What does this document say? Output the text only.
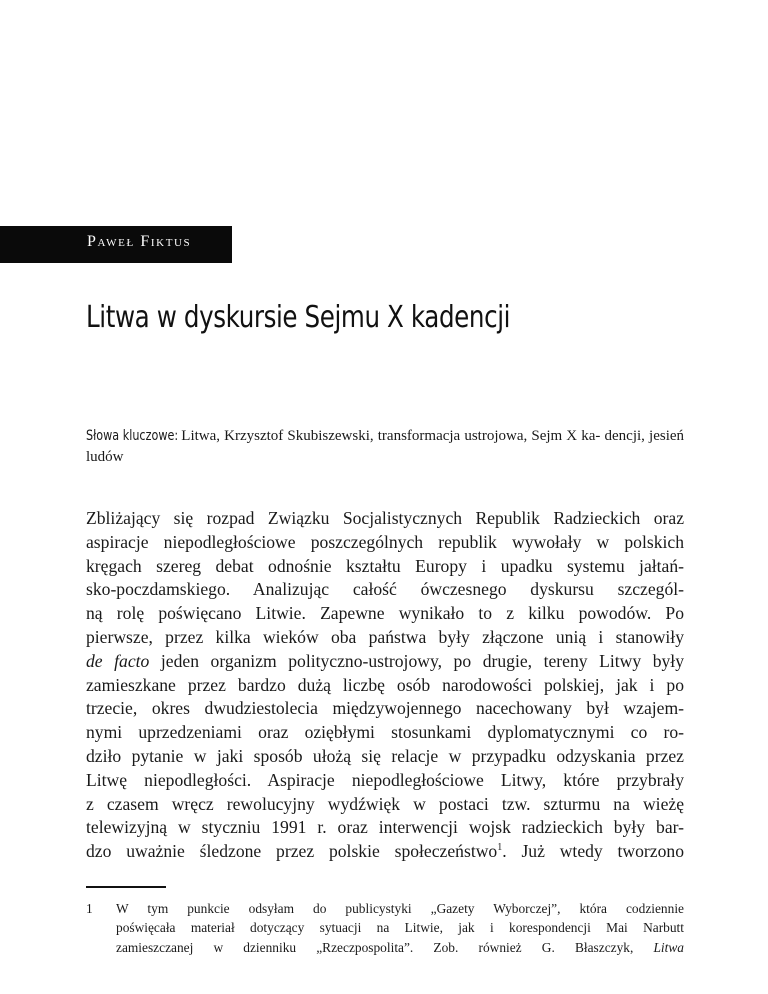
Paweł Fiktus
Litwa w dyskursie Sejmu X kadencji

Słowa kluczowe: Litwa, Krzysztof Skubiszewski, transformacja ustrojowa, Sejm X ka- dencji, jesień ludów

Zbliżający się rozpad Związku Socjalistycznych Republik Radzieckich oraz
aspiracje niepodległościowe poszczególnych republik wywołały w polskich
kręgach szereg debat odnośnie kształtu Europy i upadku systemu jałtań-
sko-poczdamskiego. Analizując całość ówczesnego dyskursu szczegól-
ną rolę poświęcano Litwie. Zapewne wynikało to z kilku powodów. Po
pierwsze, przez kilka wieków oba państwa były złączone unią i stanowiły
de facto jeden organizm polityczno-ustrojowy, po drugie, tereny Litwy były
zamieszkane przez bardzo dużą liczbę osób narodowości polskiej, jak i po
trzecie, okres dwudziestolecia międzywojennego nacechowany był wzajem-
nymi uprzedzeniami oraz oziębłymi stosunkami dyplomatycznymi co ro-
dziło pytanie w jaki sposób ułożą się relacje w przypadku odzyskania przez
Litwę niepodległości. Aspiracje niepodległościowe Litwy, które przybrały
z czasem wręcz rewolucyjny wydźwięk w postaci tzw. szturmu na wieżę
telewizyjną w styczniu 1991 r. oraz interwencji wojsk radzieckich były bar-
dzo uważnie śledzone przez polskie społeczeństwo$^1$. Już wtedy tworzono
1 W tym punkcie odsyłam do publicystyki „Gazety Wyborczej”, która codziennie
poświęcała materiał dotyczący sytuacji na Litwie, jak i korespondencji Mai Narbutt
zamieszczanej w dzienniku „Rzeczpospolita”. Zob. również G. Błaszczyk, Litwa
